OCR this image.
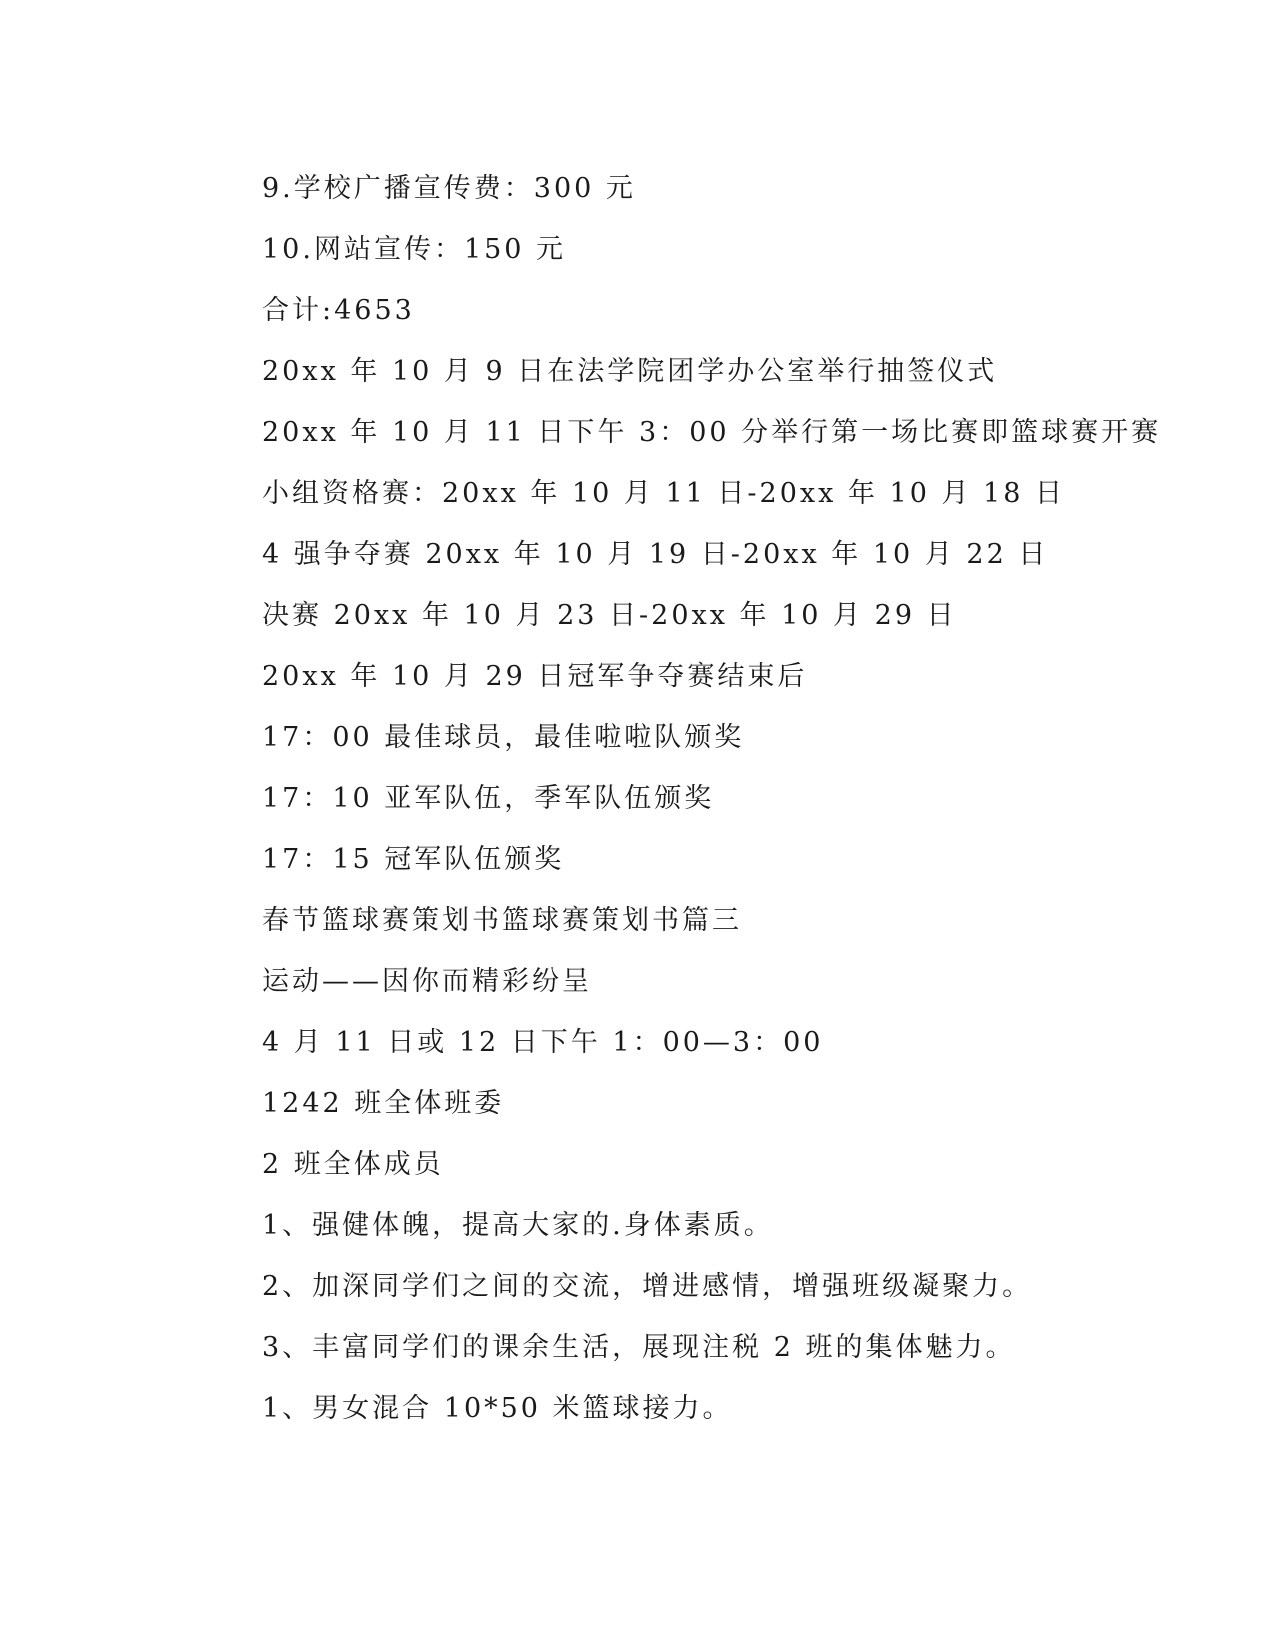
9.学校广播宣传费：300 元
10.网站宣传：150 元
合计:4653
20xx 年 10 月 9 日在法学院团学办公室举行抽签仪式
20xx 年 10 月 11 日下午 3：00 分举行第一场比赛即篮球赛开赛
小组资格赛：20xx 年 10 月 11 日-20xx 年 10 月 18 日
4 强争夺赛 20xx 年 10 月 19 日-20xx 年 10 月 22 日
决赛 20xx 年 10 月 23 日-20xx 年 10 月 29 日
20xx 年 10 月 29 日冠军争夺赛结束后
17：00 最佳球员，最佳啦啦队颁奖
17：10 亚军队伍，季军队伍颁奖
17：15 冠军队伍颁奖
春节篮球赛策划书篮球赛策划书篇三
运动——因你而精彩纷呈
4 月 11 日或 12 日下午 1：00—3：00
1242 班全体班委
2 班全体成员
1、强健体魄，提高大家的.身体素质。
2、加深同学们之间的交流，增进感情，增强班级凝聚力。
3、丰富同学们的课余生活，展现注税 2 班的集体魅力。
1、男女混合 10*50 米篮球接力。
